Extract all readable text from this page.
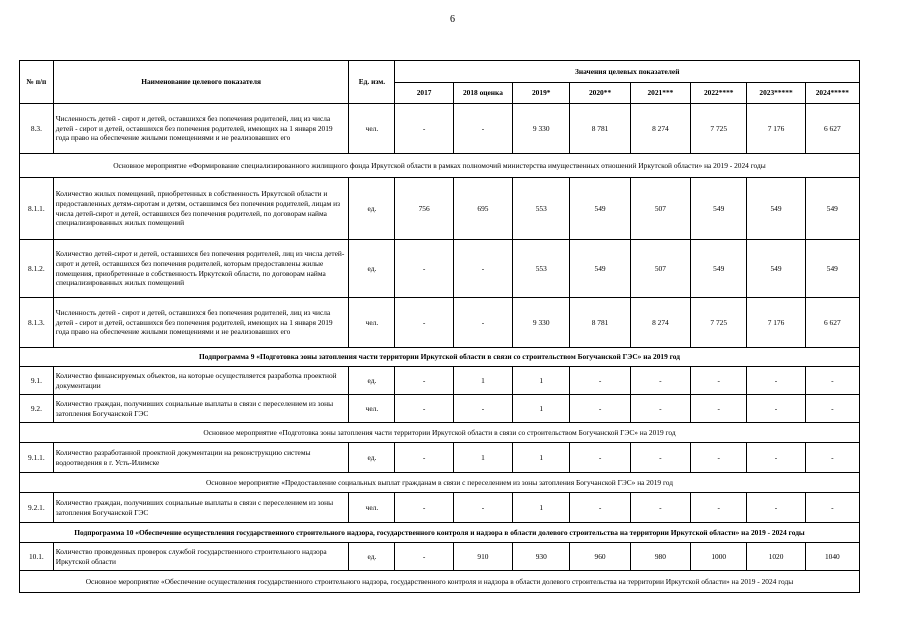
6
№ п/п	Наименование целевого показателя	Ед. изм.	Значения целевых показателей							
			2017	2018 оценка	2019*	2020**	2021***	2022****	2023*****	2024*****
8.3.	Численность детей - сирот и детей, оставшихся без попечения родителей, лиц из числа детей - сирот и детей, оставшихся без попечения родителей, имеющих на 1 января 2019 года право на обеспечение жилыми помещениями и не реализовавших его	чел.	-	-	9 330	8 781	8 274	7 725	7 176	6 627
Основное мероприятие «Формирование специализированного жилищного фонда Иркутской области в рамках полномочий министерства имущественных отношений Иркутской области» на 2019 - 2024 годы										
8.1.1.	Количество жилых помещений, приобретенных в собственность Иркутской области и предоставленных детям-сиротам и детям, оставшимся без попечения родителей, лицам из числа детей-сирот и детей, оставшихся без попечения родителей, по договорам найма специализированных жилых помещений	ед.	756	695	553	549	507	549	549	549
8.1.2.	Количество детей-сирот и детей, оставшихся без попечения родителей, лиц из числа детей-сирот и детей, оставшихся без попечения родителей, которым предоставлены жилые помещения, приобретенные в собственность Иркутской области, по договорам найма специализированных жилых помещений	ед.	-	-	553	549	507	549	549	549
8.1.3.	Численность детей - сирот и детей, оставшихся без попечения родителей, лиц из числа детей - сирот и детей, оставшихся без попечения родителей, имеющих на 1 января 2019 года право на обеспечение жилыми помещениями и не реализовавших его	чел.	-	-	9 330	8 781	8 274	7 725	7 176	6 627
Подпрограмма 9 «Подготовка зоны затопления части территории Иркутской области в связи со строительством Богучанской ГЭС» на 2019 год										
9.1.	Количество финансируемых объектов, на которые осуществляется разработка проектной документации	ед.	-	1	1	-	-	-	-	-
9.2.	Количество граждан, получивших социальные выплаты в связи с переселением из зоны затопления Богучанской ГЭС	чел.	-	-	1	-	-	-	-	-
Основное мероприятие «Подготовка зоны затопления части территории Иркутской области в связи со строительством Богучанской ГЭС» на 2019 год										
9.1.1.	Количество разработанной проектной документации на реконструкцию системы водоотведения в г. Усть-Илимске	ед.	-	1	1	-	-	-	-	-
Основное мероприятие «Предоставление социальных выплат гражданам в связи с переселением из зоны затопления Богучанской ГЭС» на 2019 год										
9.2.1.	Количество граждан, получивших социальные выплаты в связи с переселением из зоны затопления Богучанской ГЭС	чел.	-	-	1	-	-	-	-	-
Подпрограмма 10 «Обеспечение осуществления государственного строительного надзора, государственного контроля и надзора в области долевого строительства на территории Иркутской области» на 2019 - 2024 годы										
10.1.	Количество проведенных проверок службой государственного строительного надзора Иркутской области	ед.	-	910	930	960	980	1000	1020	1040
Основное мероприятие «Обеспечение осуществления государственного строительного надзора, государственного контроля и надзора в области долевого строительства на территории Иркутской области» на 2019 - 2024 годы										
